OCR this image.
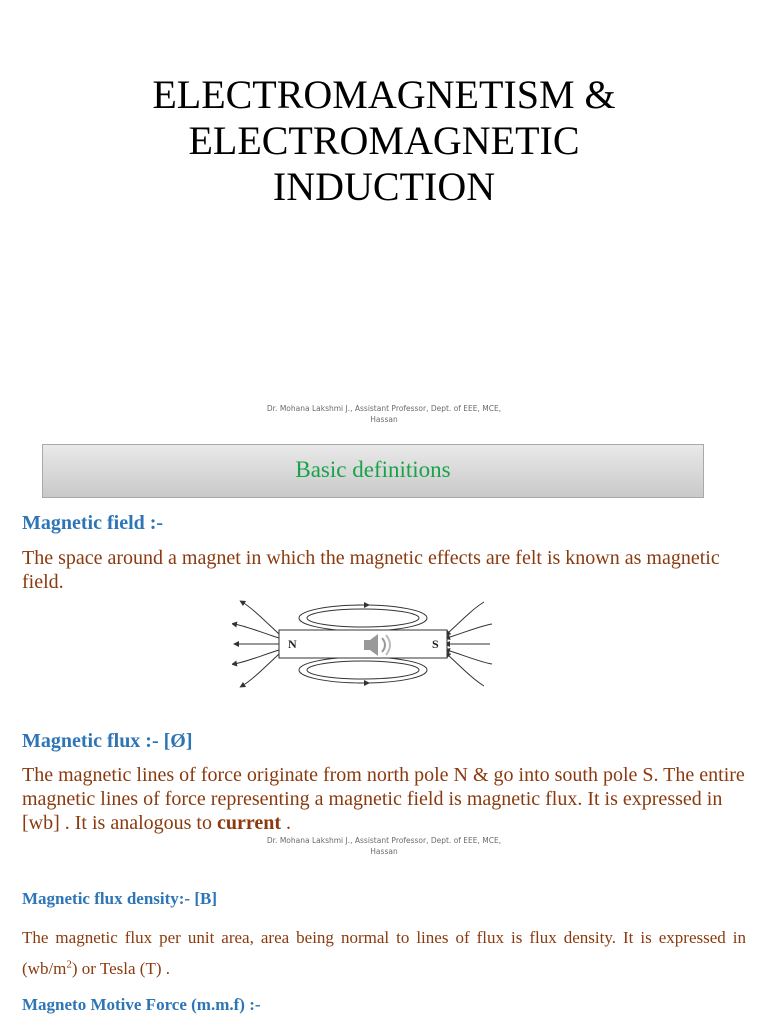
ELECTROMAGNETISM &
ELECTROMAGNETIC
INDUCTION
Dr. Mohana Lakshmi J., Assistant Professor, Dept. of EEE, MCE,
Hassan
Basic definitions
Magnetic field :-
The space around a magnet in which the magnetic effects are felt is known as magnetic field.
N	S
Magnetic flux :- [Ø]
The magnetic lines of force originate from north pole N & go into south pole S. The entire magnetic lines of force representing a magnetic field is magnetic flux. It is expressed in [wb] . It is analogous to current .
Dr. Mohana Lakshmi J., Assistant Professor, Dept. of EEE, MCE,
Hassan
Magnetic flux density:- [B]
The magnetic flux per unit area, area being normal to lines of flux is flux density. It is expressed in $(wb/m^2)$ or Tesla (T) .
Magneto Motive Force (m.m.f) :-
